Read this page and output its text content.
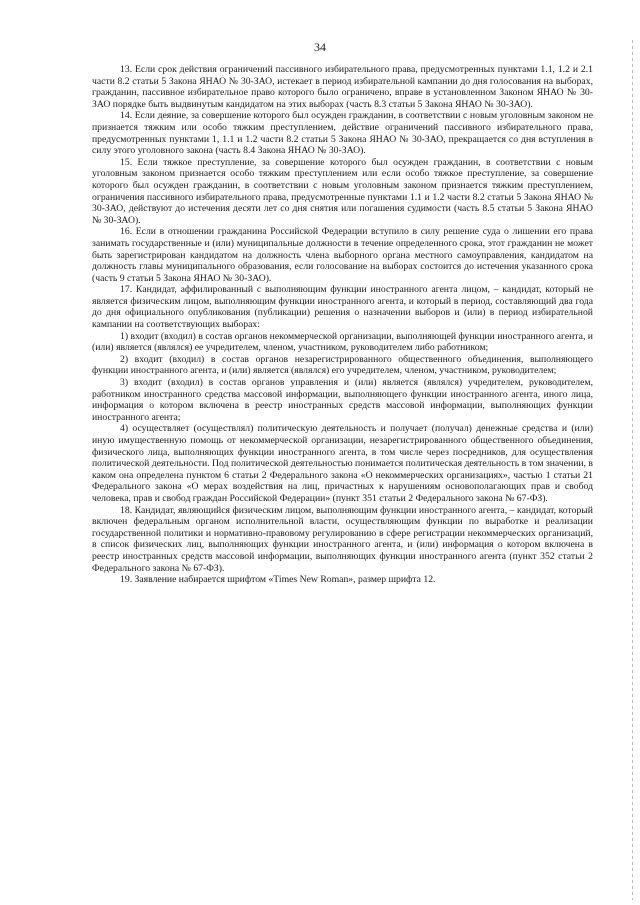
34

13. Если срок действия ограничений пассивного избирательного права, предусмотренных пунктами 1.1, 1.2 и 2.1 части 8.2 статьи 5 Закона ЯНАО № 30-ЗАО, истекает в период избирательной кампании до дня голосования на выборах, гражданин, пассивное избирательное право которого было ограничено, вправе в установленном Законом ЯНАО № 30-ЗАО порядке быть выдвинутым кандидатом на этих выборах (часть 8.3 статьи 5 Закона ЯНАО № 30-ЗАО).

14. Если деяние, за совершение которого был осужден гражданин, в соответствии с новым уголовным законом не признается тяжким или особо тяжким преступлением, действие ограничений пассивного избирательного права, предусмотренных пунктами 1, 1.1 и 1.2 части 8.2 статьи 5 Закона ЯНАО № 30-ЗАО, прекращается со дня вступления в силу этого уголовного закона (часть 8.4 Закона ЯНАО № 30-ЗАО).

15. Если тяжкое преступление, за совершение которого был осужден гражданин, в соответствии с новым уголовным законом признается особо тяжким преступлением или если особо тяжкое преступление, за совершение которого был осужден гражданин, в соответствии с новым уголовным законом признается тяжким преступлением, ограничения пассивного избирательного права, предусмотренные пунктами 1.1 и 1.2 части 8.2 статьи 5 Закона ЯНАО № 30-ЗАО, действуют до истечения десяти лет со дня снятия или погашения судимости (часть 8.5 статьи 5 Закона ЯНАО № 30-ЗАО).

16. Если в отношении гражданина Российской Федерации вступило в силу решение суда о лишении его права занимать государственные и (или) муниципальные должности в течение определенного срока, этот гражданин не может быть зарегистрирован кандидатом на должность члена выборного органа местного самоуправления, кандидатом на должность главы муниципального образования, если голосование на выборах состоится до истечения указанного срока (часть 9 статьи 5 Закона ЯНАО № 30-ЗАО).

17. Кандидат, аффилированный с выполняющим функции иностранного агента лицом, – кандидат, который не является физическим лицом, выполняющим функции иностранного агента, и который в период, составляющий два года до дня официального опубликования (публикации) решения о назначении выборов и (или) в период избирательной кампании на соответствующих выборах:

1) входит (входил) в состав органов некоммерческой организации, выполняющей функции иностранного агента, и (или) является (являлся) ее учредителем, членом, участником, руководителем либо работником;

2) входит (входил) в состав органов незарегистрированного общественного объединения, выполняющего функции иностранного агента, и (или) является (являлся) его учредителем, членом, участником, руководителем;

3) входит (входил) в состав органов управления и (или) является (являлся) учредителем, руководителем, работником иностранного средства массовой информации, выполняющего функции иностранного агента, иного лица, информация о котором включена в реестр иностранных средств массовой информации, выполняющих функции иностранного агента;

4) осуществляет (осуществлял) политическую деятельность и получает (получал) денежные средства и (или) иную имущественную помощь от некоммерческой организации, незарегистрированного общественного объединения, физического лица, выполняющих функции иностранного агента, в том числе через посредников, для осуществления политической деятельности. Под политической деятельностью понимается политическая деятельность в том значении, в каком она определена пунктом 6 статьи 2 Федерального закона «О некоммерческих организациях», частью 1 статьи 21 Федерального закона «О мерах воздействия на лиц, причастных к нарушениям основополагающих прав и свобод человека, прав и свобод граждан Российской Федерации» (пункт 351 статьи 2 Федерального закона № 67-ФЗ).

18. Кандидат, являющийся физическим лицом, выполняющим функции иностранного агента, – кандидат, который включен федеральным органом исполнительной власти, осуществляющим функции по выработке и реализации государственной политики и нормативно-правовому регулированию в сфере регистрации некоммерческих организаций, в список физических лиц, выполняющих функции иностранного агента, и (или) информация о котором включена в реестр иностранных средств массовой информации, выполняющих функции иностранного агента (пункт 352 статьи 2 Федерального закона № 67-ФЗ).

19. Заявление набирается шрифтом «Times New Roman», размер шрифта 12.
